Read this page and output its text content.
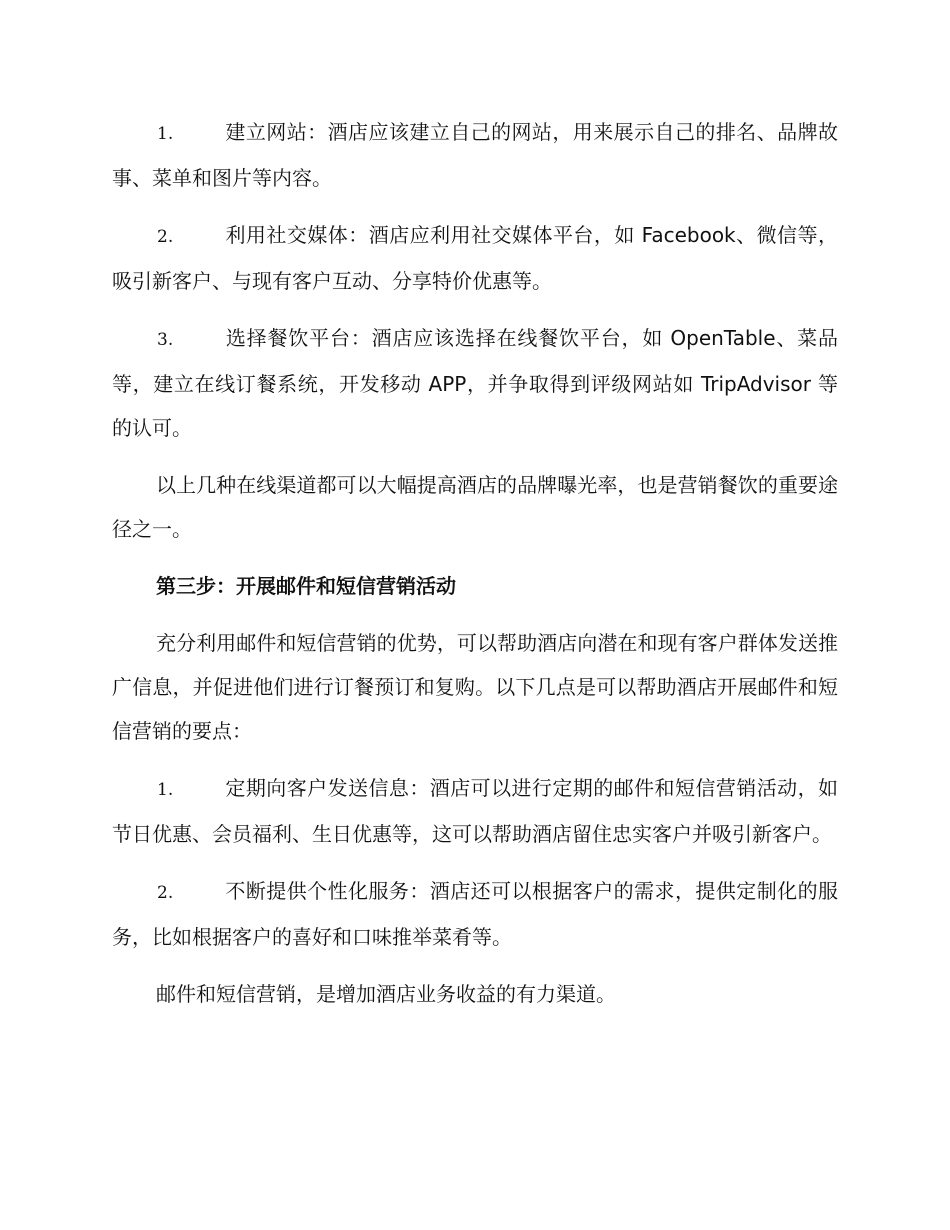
1.	建立网站：酒店应该建立自己的网站，用来展示自己的排名、品牌故事、菜单和图片等内容。

2.	利用社交媒体：酒店应利用社交媒体平台，如 Facebook、微信等，吸引新客户、与现有客户互动、分享特价优惠等。

3.	选择餐饮平台：酒店应该选择在线餐饮平台，如 OpenTable、菜品等，建立在线订餐系统，开发移动 APP，并争取得到评级网站如 TripAdvisor 等的认可。

以上几种在线渠道都可以大幅提高酒店的品牌曝光率，也是营销餐饮的重要途径之一。

第三步：开展邮件和短信营销活动

充分利用邮件和短信营销的优势，可以帮助酒店向潜在和现有客户群体发送推广信息，并促进他们进行订餐预订和复购。以下几点是可以帮助酒店开展邮件和短信营销的要点：

1.	定期向客户发送信息：酒店可以进行定期的邮件和短信营销活动，如节日优惠、会员福利、生日优惠等，这可以帮助酒店留住忠实客户并吸引新客户。

2.	不断提供个性化服务：酒店还可以根据客户的需求，提供定制化的服务，比如根据客户的喜好和口味推举菜肴等。

邮件和短信营销，是增加酒店业务收益的有力渠道。
